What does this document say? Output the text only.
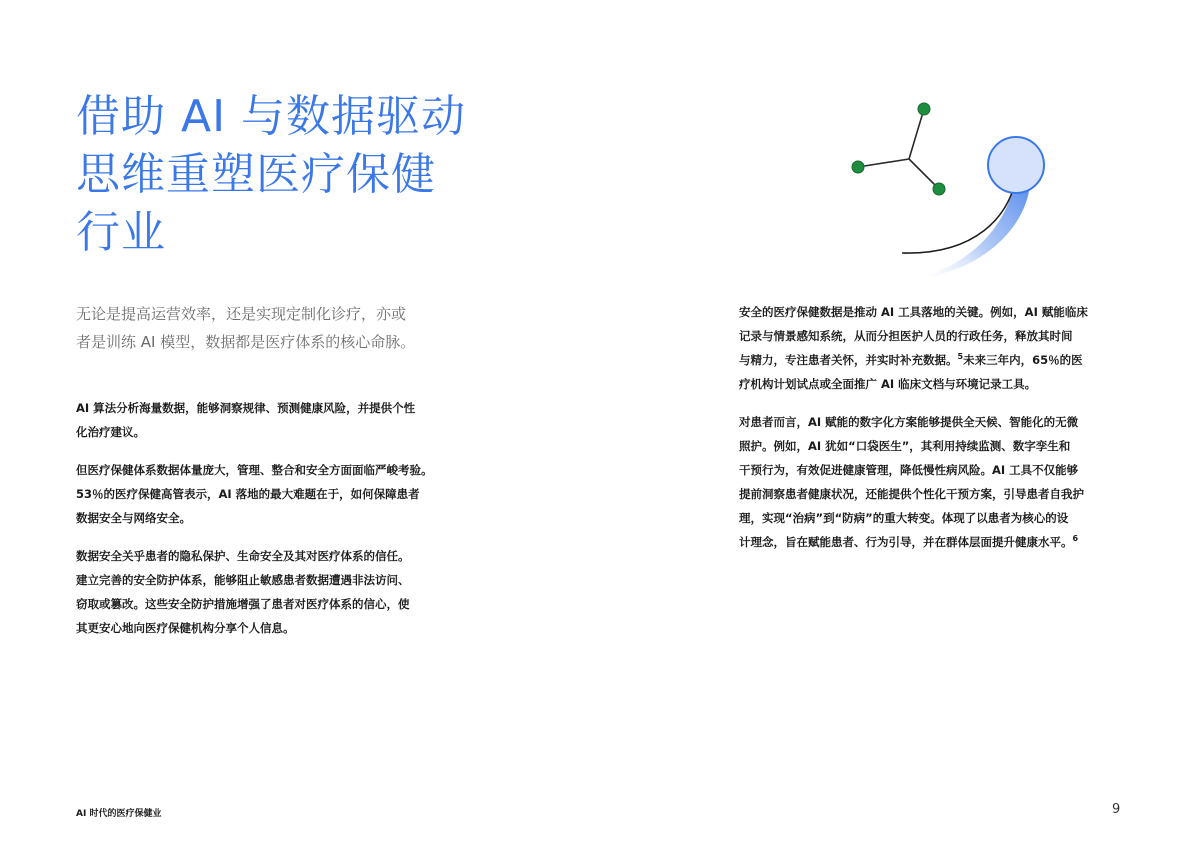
借助 AI 与数据驱动
思维重塑医疗保健
行业
无论是提高运营效率，还是实现定制化诊疗，亦或
者是训练 AI 模型，数据都是医疗体系的核心命脉。

AI 算法分析海量数据，能够洞察规律、预测健康风险，并提供个性
化治疗建议。

但医疗保健体系数据体量庞大，管理、整合和安全方面面临严峻考验。
53％的医疗保健高管表示，AI 落地的最大难题在于，如何保障患者
数据安全与网络安全。

数据安全关乎患者的隐私保护、生命安全及其对医疗体系的信任。
建立完善的安全防护体系，能够阻止敏感患者数据遭遇非法访问、
窃取或篡改。这些安全防护措施增强了患者对医疗体系的信心，使
其更安心地向医疗保健机构分享个人信息。

安全的医疗保健数据是推动 AI 工具落地的关键。例如，AI 赋能临床
记录与情景感知系统，从而分担医护人员的行政任务，释放其时间
与精力，专注患者关怀，并实时补充数据。$^5$未来三年内，65％的医
疗机构计划试点或全面推广 AI 临床文档与环境记录工具。

对患者而言，AI 赋能的数字化方案能够提供全天候、智能化的无微
照护。例如，AI 犹如“口袋医生”，其利用持续监测、数字孪生和
干预行为，有效促进健康管理，降低慢性病风险。AI 工具不仅能够
提前洞察患者健康状况，还能提供个性化干预方案，引导患者自我护
理，实现“治病”到“防病”的重大转变。体现了以患者为核心的设
计理念，旨在赋能患者、行为引导，并在群体层面提升健康水平。$^6$

AI 时代的医疗保健业	9
